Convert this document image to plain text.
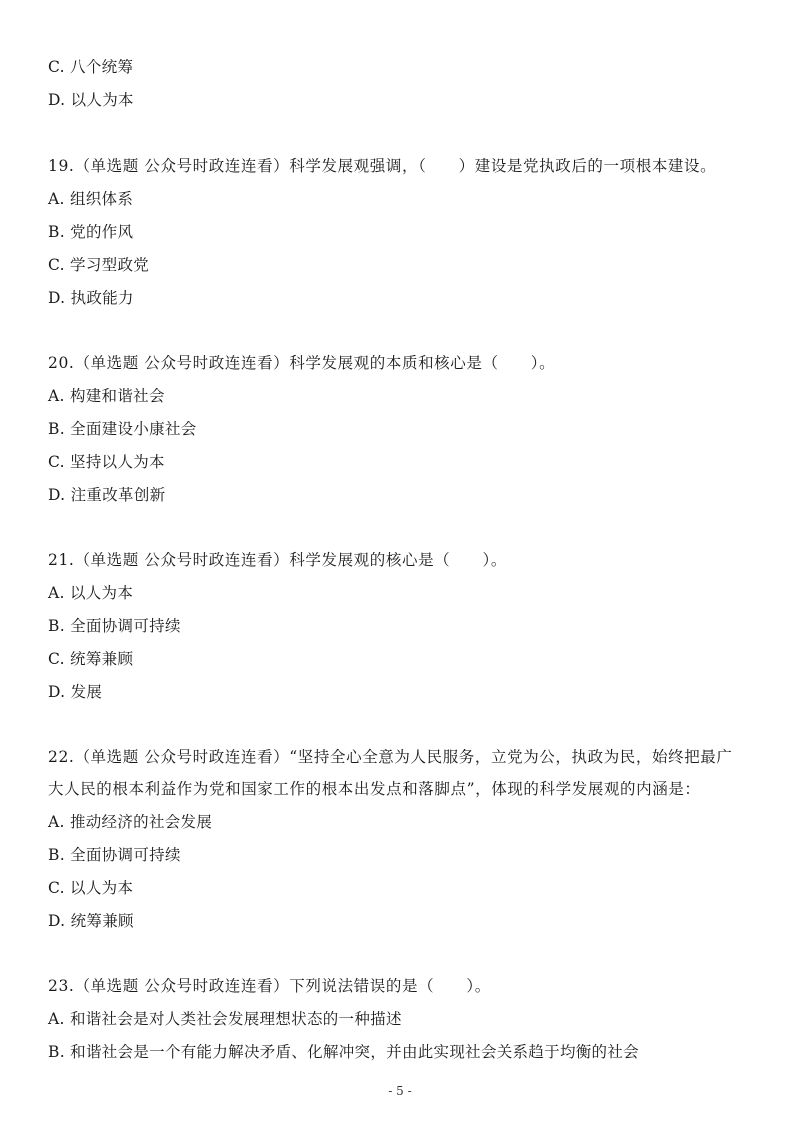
C. 八个统筹
D. 以人为本
19.（单选题 公众号时政连连看）科学发展观强调，（　　）建设是党执政后的一项根本建设。
A. 组织体系
B. 党的作风
C. 学习型政党
D. 执政能力
20.（单选题 公众号时政连连看）科学发展观的本质和核心是（　　）。
A. 构建和谐社会
B. 全面建设小康社会
C. 坚持以人为本
D. 注重改革创新
21.（单选题 公众号时政连连看）科学发展观的核心是（　　）。
A. 以人为本
B. 全面协调可持续
C. 统筹兼顾
D. 发展
22.（单选题 公众号时政连连看）“坚持全心全意为人民服务，立党为公，执政为民，始终把最广
大人民的根本利益作为党和国家工作的根本出发点和落脚点”，体现的科学发展观的内涵是：
A. 推动经济的社会发展
B. 全面协调可持续
C. 以人为本
D. 统筹兼顾
23.（单选题 公众号时政连连看）下列说法错误的是（　　）。
A. 和谐社会是对人类社会发展理想状态的一种描述
B. 和谐社会是一个有能力解决矛盾、化解冲突，并由此实现社会关系趋于均衡的社会
- 5 -
